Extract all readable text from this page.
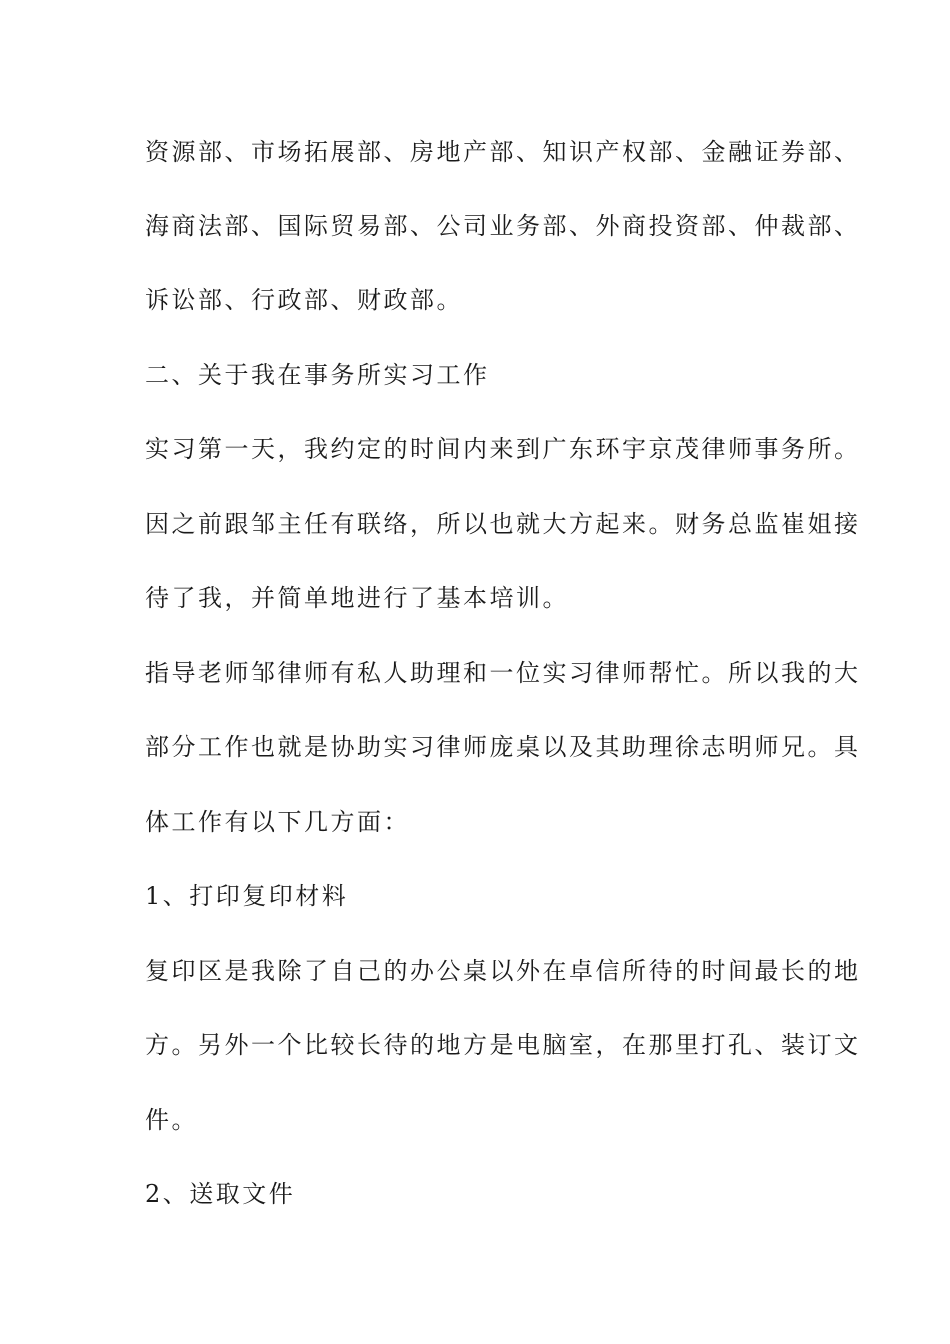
资源部、市场拓展部、房地产部、知识产权部、金融证券部、

海商法部、国际贸易部、公司业务部、外商投资部、仲裁部、

诉讼部、行政部、财政部。

二、关于我在事务所实习工作

实习第一天，我约定的时间内来到广东环宇京茂律师事务所。

因之前跟邹主任有联络，所以也就大方起来。财务总监崔姐接

待了我，并简单地进行了基本培训。

指导老师邹律师有私人助理和一位实习律师帮忙。所以我的大

部分工作也就是协助实习律师庞桌以及其助理徐志明师兄。具

体工作有以下几方面：

1、打印复印材料

复印区是我除了自己的办公桌以外在卓信所待的时间最长的地

方。另外一个比较长待的地方是电脑室，在那里打孔、装订文

件。

2、送取文件
